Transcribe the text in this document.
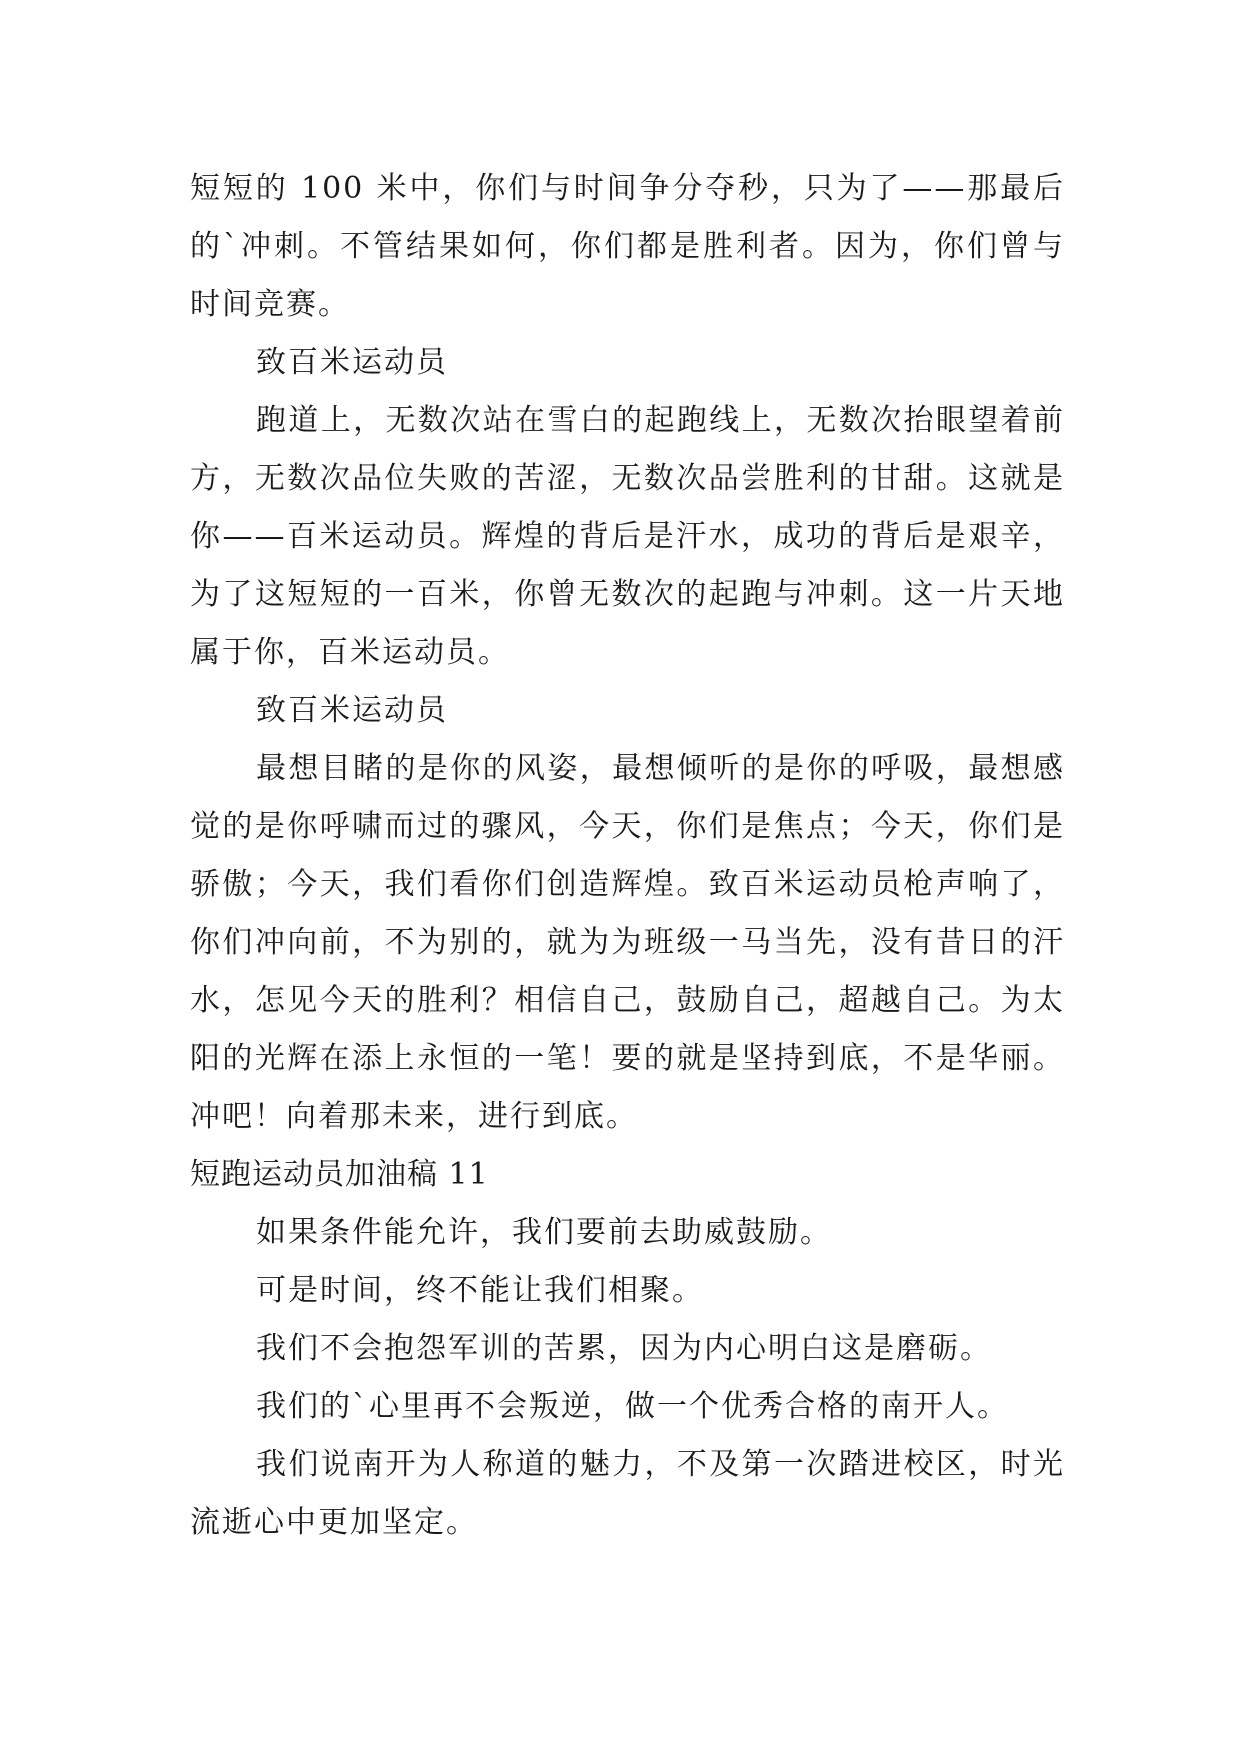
短短的 100 米中，你们与时间争分夺秒，只为了——那最后的`冲刺。不管结果如何，你们都是胜利者。因为，你们曾与时间竞赛。

致百米运动员

跑道上，无数次站在雪白的起跑线上，无数次抬眼望着前方，无数次品位失败的苦涩，无数次品尝胜利的甘甜。这就是你——百米运动员。辉煌的背后是汗水，成功的背后是艰辛，为了这短短的一百米，你曾无数次的起跑与冲刺。这一片天地属于你，百米运动员。

致百米运动员

最想目睹的是你的风姿，最想倾听的是你的呼吸，最想感觉的是你呼啸而过的骤风，今天，你们是焦点；今天，你们是骄傲；今天，我们看你们创造辉煌。致百米运动员枪声响了，你们冲向前，不为别的，就为为班级一马当先，没有昔日的汗水，怎见今天的胜利？相信自己，鼓励自己，超越自己。为太阳的光辉在添上永恒的一笔！要的就是坚持到底，不是华丽。冲吧！向着那未来，进行到底。

短跑运动员加油稿 11

如果条件能允许，我们要前去助威鼓励。

可是时间，终不能让我们相聚。

我们不会抱怨军训的苦累，因为内心明白这是磨砺。

我们的`心里再不会叛逆，做一个优秀合格的南开人。

我们说南开为人称道的魅力，不及第一次踏进校区，时光流逝心中更加坚定。
